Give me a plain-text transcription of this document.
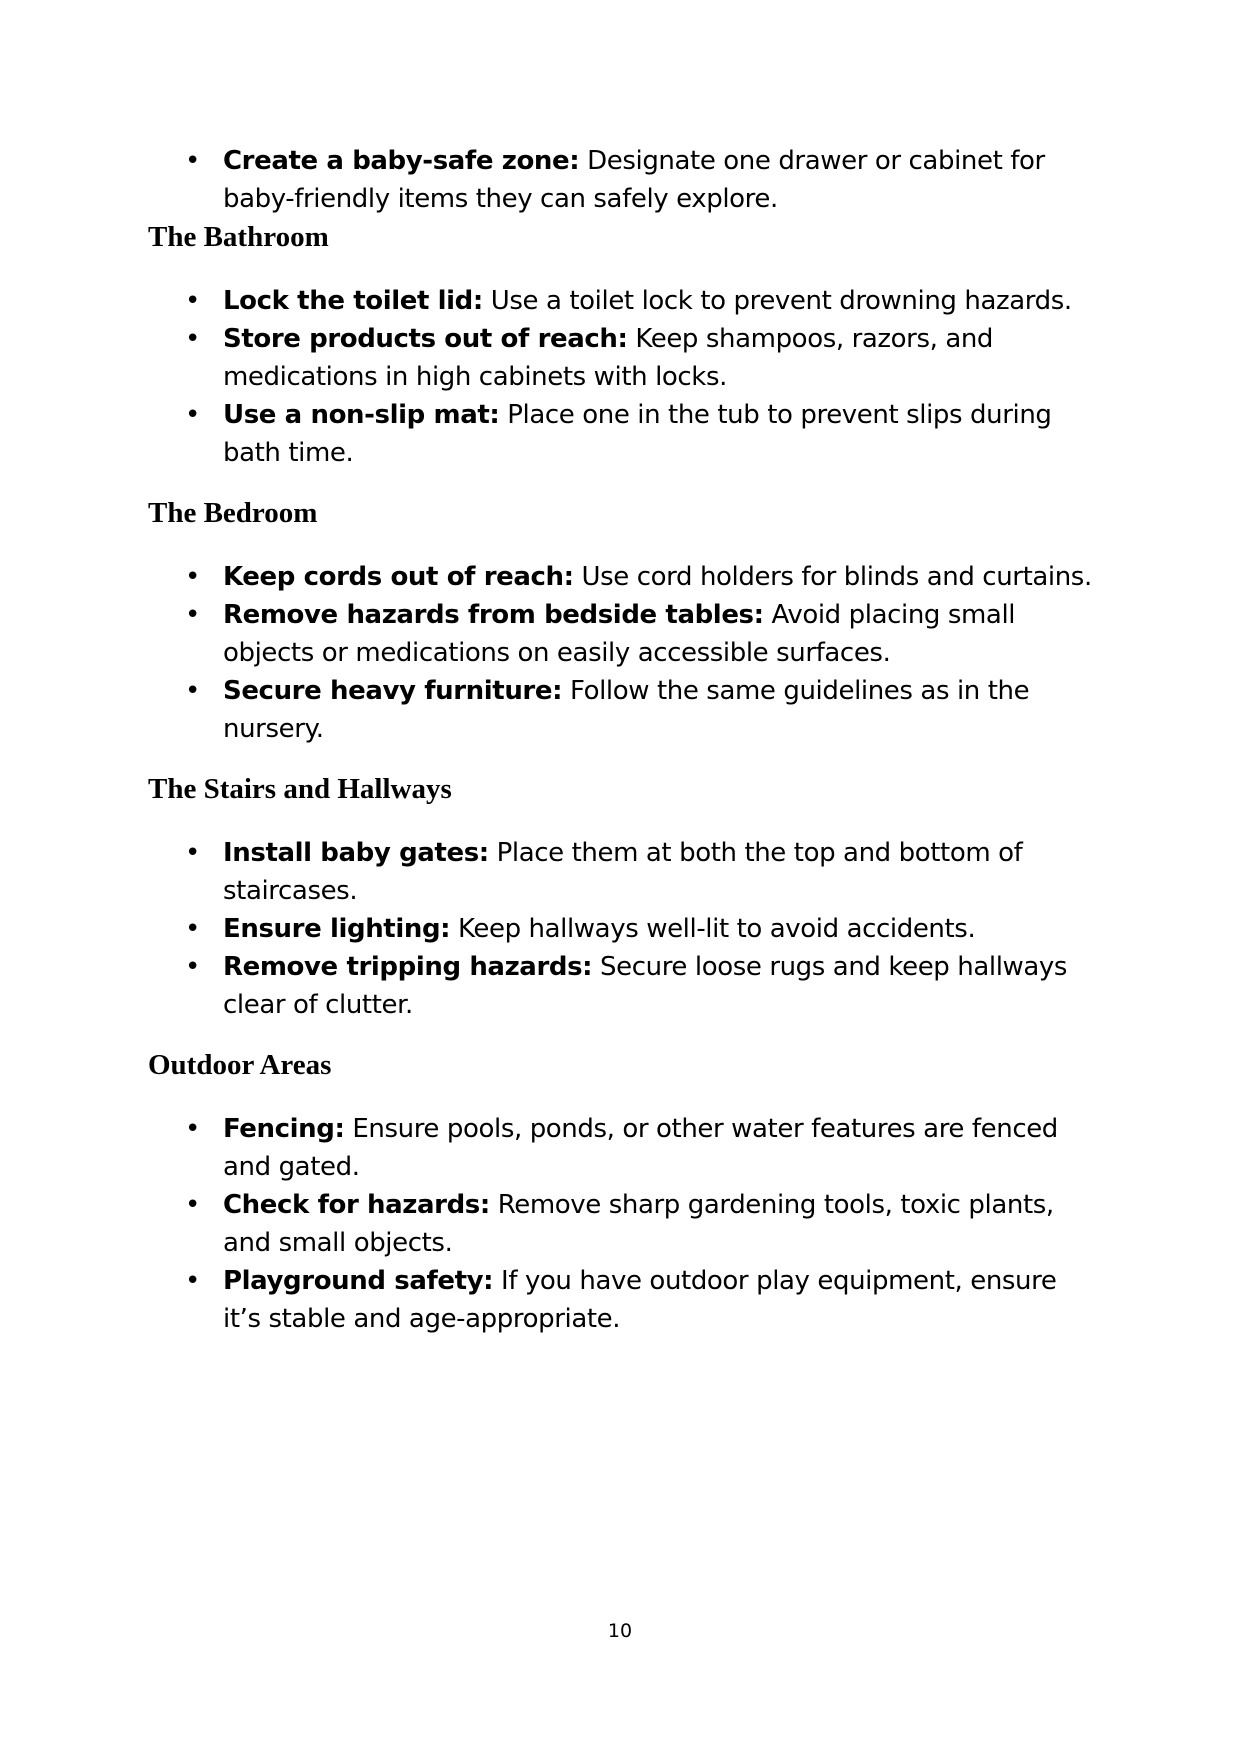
• Create a baby-safe zone: Designate one drawer or cabinet for baby-friendly items they can safely explore.
The Bathroom
• Lock the toilet lid: Use a toilet lock to prevent drowning hazards.
• Store products out of reach: Keep shampoos, razors, and medications in high cabinets with locks.
• Use a non-slip mat: Place one in the tub to prevent slips during bath time.
The Bedroom
• Keep cords out of reach: Use cord holders for blinds and curtains.
• Remove hazards from bedside tables: Avoid placing small objects or medications on easily accessible surfaces.
• Secure heavy furniture: Follow the same guidelines as in the nursery.
The Stairs and Hallways
• Install baby gates: Place them at both the top and bottom of staircases.
• Ensure lighting: Keep hallways well-lit to avoid accidents.
• Remove tripping hazards: Secure loose rugs and keep hallways clear of clutter.
Outdoor Areas
• Fencing: Ensure pools, ponds, or other water features are fenced and gated.
• Check for hazards: Remove sharp gardening tools, toxic plants, and small objects.
• Playground safety: If you have outdoor play equipment, ensure it’s stable and age-appropriate.
10
